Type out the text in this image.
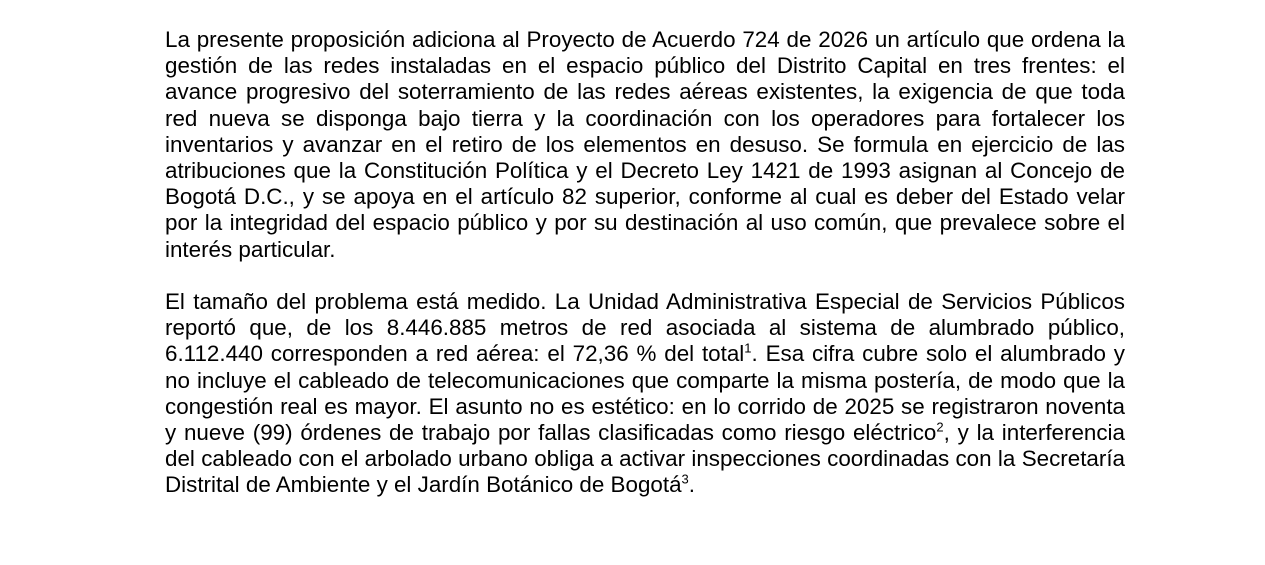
La presente proposición adiciona al Proyecto de Acuerdo 724 de 2026 un artículo que ordena la gestión de las redes instaladas en el espacio público del Distrito Capital en tres frentes: el avance progresivo del soterramiento de las redes aéreas existentes, la exigencia de que toda red nueva se disponga bajo tierra y la coordinación con los operadores para fortalecer los inventarios y avanzar en el retiro de los elementos en desuso. Se formula en ejercicio de las atribuciones que la Constitución Política y el Decreto Ley 1421 de 1993 asignan al Concejo de Bogotá D.C., y se apoya en el artículo 82 superior, conforme al cual es deber del Estado velar por la integridad del espacio público y por su destinación al uso común, que prevalece sobre el interés particular.

El tamaño del problema está medido. La Unidad Administrativa Especial de Servicios Públicos reportó que, de los 8.446.885 metros de red asociada al sistema de alumbrado público, 6.112.440 corresponden a red aérea: el 72,36 % del total$^1$. Esa cifra cubre solo el alumbrado y no incluye el cableado de telecomunicaciones que comparte la misma postería, de modo que la congestión real es mayor. El asunto no es estético: en lo corrido de 2025 se registraron noventa y nueve (99) órdenes de trabajo por fallas clasificadas como riesgo eléctrico$^2$, y la interferencia del cableado con el arbolado urbano obliga a activar inspecciones coordinadas con la Secretaría Distrital de Ambiente y el Jardín Botánico de Bogotá$^3$.
